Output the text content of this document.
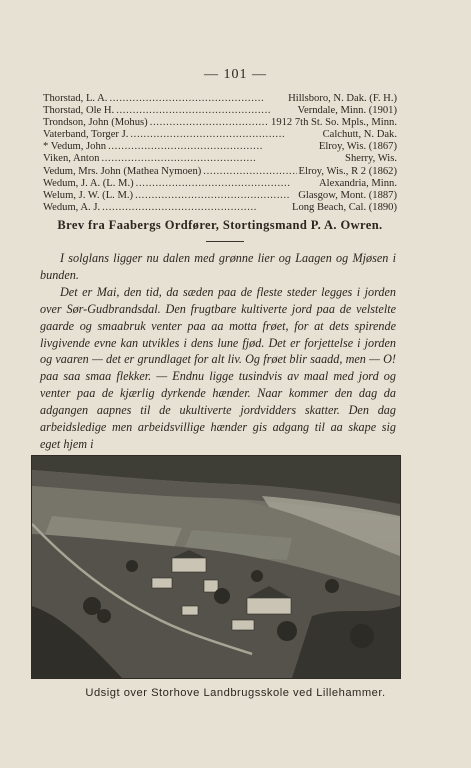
— 101 —
Thorstad, L. A. . . .	Hillsboro, N. Dak. (F. H.)
Thorstad, Ole H. . . .	Verndale, Minn. (1901)
Trondson, John (Mohus) . . .	1912 7th St. So. Mpls., Minn.
Vaterband, Torger J. . . .	Calchutt, N. Dak.
* Vedum, John . . .	Elroy, Wis. (1867)
Viken, Anton . . .	Sherry, Wis.
Vedum, Mrs. John (Mathea Nymoen) . . .	Elroy, Wis., R 2 (1862)
Wedum, J. A. (L. M.) . . .	Alexandria, Minn.
Welum, J. W. (L. M.) . . .	Glasgow, Mont. (1887)
Wedum, A. J. . . .	Long Beach, Cal. (1890)
Brev fra Faabergs Ordfører, Stortingsmand P. A. Owren.

I solglans ligger nu dalen med grønne lier og Laagen og Mjøsen i bunden.

Det er Mai, den tid, da sæden paa de fleste steder legges i jorden over Sør-Gudbrandsdal. Den frugtbare kultiverte jord paa de velstelte gaarde og smaabruk venter paa aa motta frøet, for at dets spirende livgivende evne kan utvikles i dens lune fjød. Det er forjettelse i jorden og vaaren — det er grundlaget for alt liv. Og frøet blir saadd, men — O! paa saa smaa flekker. — Endnu ligge tusindvis av maal med jord og venter paa de kjærlig dyrkende hænder. Naar kommer den dag da adgangen aapnes til de ukultiverte jordvidders skatter. Den dag arbeidsledige men arbeidsvillige hænder gis adgang til aa skape sig eget hjem i

Udsigt over Storhove Landbrugsskole ved Lillehammer.
